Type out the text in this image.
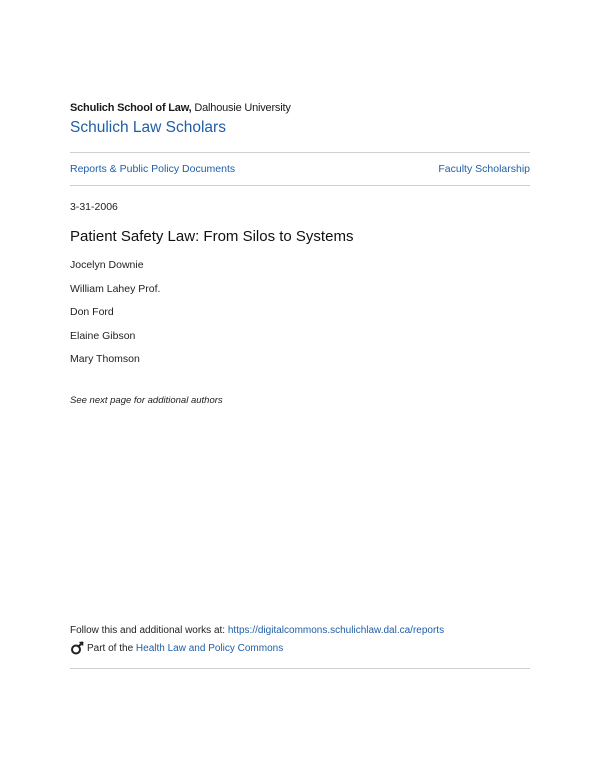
Schulich School of Law, Dalhousie University
Schulich Law Scholars
Reports & Public Policy Documents	Faculty Scholarship
3-31-2006
Patient Safety Law: From Silos to Systems
Jocelyn Downie
William Lahey Prof.
Don Ford
Elaine Gibson
Mary Thomson
See next page for additional authors
Follow this and additional works at: https://digitalcommons.schulichlaw.dal.ca/reports
Part of the
Health Law and Policy Commons
